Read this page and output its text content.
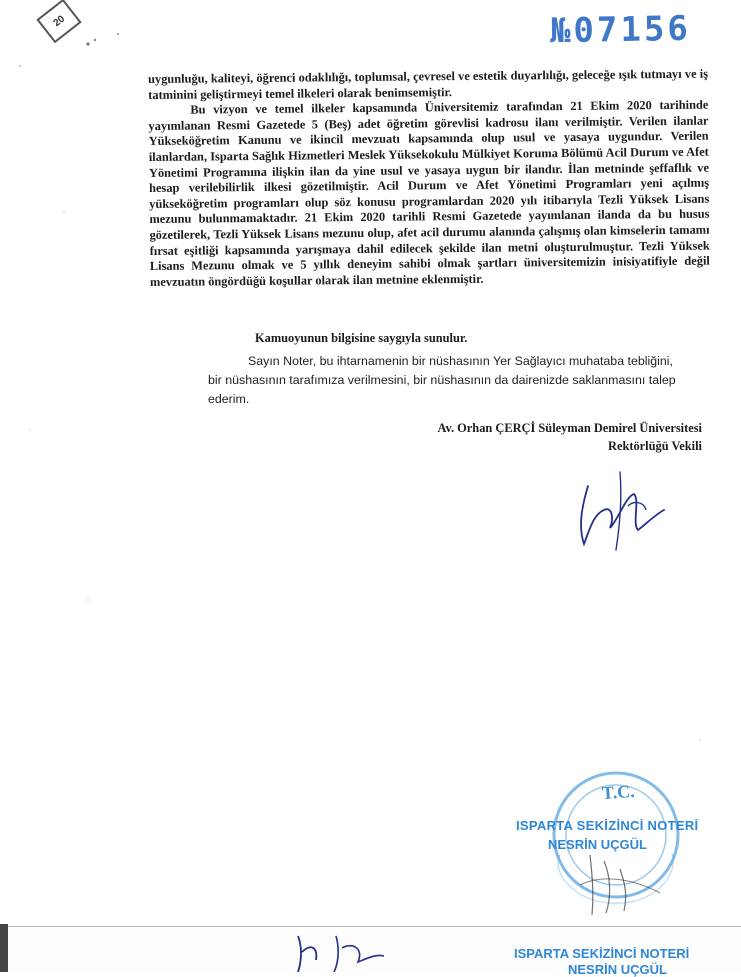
20	№07156

uygunluğu, kaliteyi, öğrenci odaklılığı, toplumsal, çevresel ve estetik duyarlılığı, geleceğe ışık tutmayı ve iş tatminini geliştirmeyi temel ilkeleri olarak benimsemiştir.

Bu vizyon ve temel ilkeler kapsamında Üniversitemiz tarafından 21 Ekim 2020 tarihinde yayımlanan Resmi Gazetede 5 (Beş) adet öğretim görevlisi kadrosu ilanı verilmiştir. Verilen ilanlar Yükseköğretim Kanunu ve ikincil mevzuatı kapsamında olup usul ve yasaya uygundur. Verilen ilanlardan, Isparta Sağlık Hizmetleri Meslek Yüksekokulu Mülkiyet Koruma Bölümü Acil Durum ve Afet Yönetimi Programına ilişkin ilan da yine usul ve yasaya uygun bir ilandır. İlan metninde şeffaflık ve hesap verilebilirlik ilkesi gözetilmiştir. Acil Durum ve Afet Yönetimi Programları yeni açılmış yükseköğretim programları olup söz konusu programlardan 2020 yılı itibarıyla Tezli Yüksek Lisans mezunu bulunmamaktadır. 21 Ekim 2020 tarihli Resmi Gazetede yayımlanan ilanda da bu husus gözetilerek, Tezli Yüksek Lisans mezunu olup, afet acil durumu alanında çalışmış olan kimselerin tamamı fırsat eşitliği kapsamında yarışmaya dahil edilecek şekilde ilan metni oluşturulmuştur. Tezli Yüksek Lisans Mezunu olmak ve 5 yıllık deneyim sahibi olmak şartları üniversitemizin inisiyatifiyle değil mevzuatın öngördüğü koşullar olarak ilan metnine eklenmiştir.

Kamuoyunun bilgisine saygıyla sunulur.

Sayın Noter, bu ihtarnamenin bir nüshasının Yer Sağlayıcı muhataba tebliğini, bir nüshasının tarafımıza verilmesini, bir nüshasının da dairenizde saklanmasını talep ederim.

Av. Orhan ÇERÇİ Süleyman Demirel Üniversitesi
Rektörlüğü Vekili
T.C.
ISPARTA SEKİZİNCİ NOTERİ
NESRİN UÇGÜL
ISPARTA SEKİZİNCİ NOTERİ
NESRİN UÇGÜL
